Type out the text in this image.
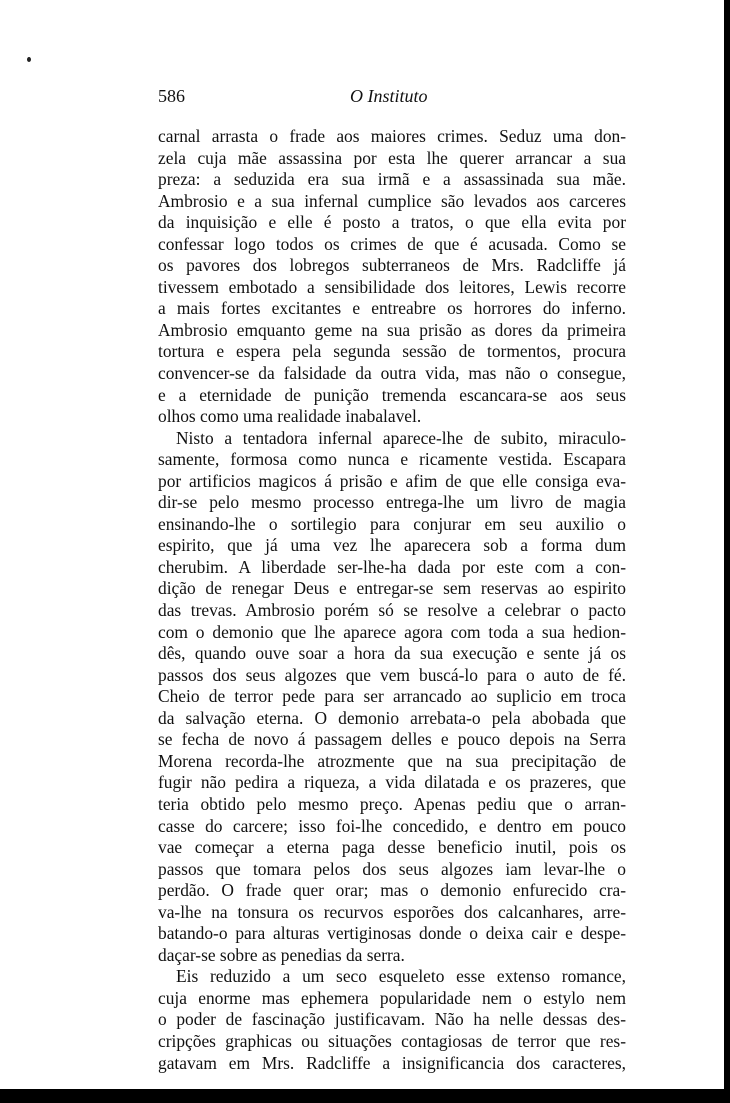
586	O Instituto
carnal arrasta o frade aos maiores crimes. Seduz uma don-
zela cuja mãe assassina por esta lhe querer arrancar a sua
preza: a seduzida era sua irmã e a assassinada sua mãe.
Ambrosio e a sua infernal cumplice são levados aos carceres
da inquisição e elle é posto a tratos, o que ella evita por
confessar logo todos os crimes de que é acusada. Como se
os pavores dos lobregos subterraneos de Mrs. Radcliffe já
tivessem embotado a sensibilidade dos leitores, Lewis recorre
a mais fortes excitantes e entreabre os horrores do inferno.
Ambrosio emquanto geme na sua prisão as dores da primeira
tortura e espera pela segunda sessão de tormentos, procura
convencer-se da falsidade da outra vida, mas não o consegue,
e a eternidade de punição tremenda escancara-se aos seus
olhos como uma realidade inabalavel.
Nisto a tentadora infernal aparece-lhe de subito, miraculo-
samente, formosa como nunca e ricamente vestida. Escapara
por artificios magicos á prisão e afim de que elle consiga eva-
dir-se pelo mesmo processo entrega-lhe um livro de magia
ensinando-lhe o sortilegio para conjurar em seu auxilio o
espirito, que já uma vez lhe aparecera sob a forma dum
cherubim. A liberdade ser-lhe-ha dada por este com a con-
dição de renegar Deus e entregar-se sem reservas ao espirito
das trevas. Ambrosio porém só se resolve a celebrar o pacto
com o demonio que lhe aparece agora com toda a sua hedion-
dês, quando ouve soar a hora da sua execução e sente já os
passos dos seus algozes que vem buscá-lo para o auto de fé.
Cheio de terror pede para ser arrancado ao suplicio em troca
da salvação eterna. O demonio arrebata-o pela abobada que
se fecha de novo á passagem delles e pouco depois na Serra
Morena recorda-lhe atrozmente que na sua precipitação de
fugir não pedira a riqueza, a vida dilatada e os prazeres, que
teria obtido pelo mesmo preço. Apenas pediu que o arran-
casse do carcere; isso foi-lhe concedido, e dentro em pouco
vae começar a eterna paga desse beneficio inutil, pois os
passos que tomara pelos dos seus algozes iam levar-lhe o
perdão. O frade quer orar; mas o demonio enfurecido cra-
va-lhe na tonsura os recurvos esporões dos calcanhares, arre-
batando-o para alturas vertiginosas donde o deixa cair e despe-
daçar-se sobre as penedias da serra.
Eis reduzido a um seco esqueleto esse extenso romance,
cuja enorme mas ephemera popularidade nem o estylo nem
o poder de fascinação justificavam. Não ha nelle dessas des-
cripções graphicas ou situações contagiosas de terror que res-
gatavam em Mrs. Radcliffe a insignificancia dos caracteres,
